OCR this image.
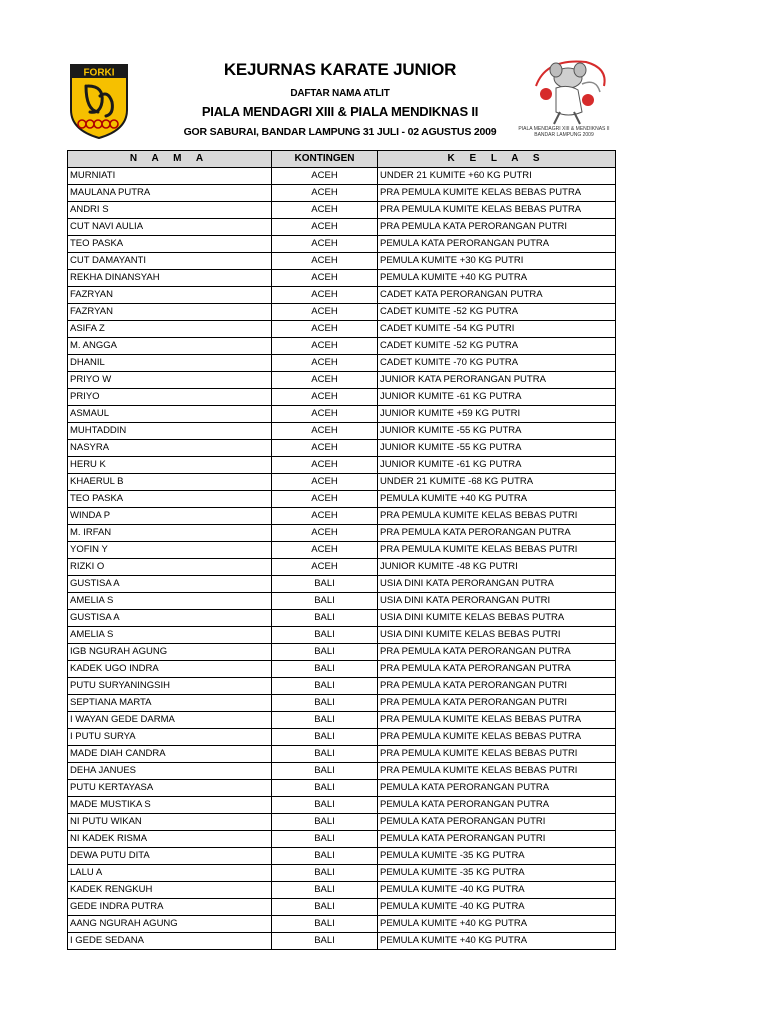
FORKI	KEJURNAS KARATE JUNIOR
DAFTAR NAMA ATLIT
PIALA MENDAGRI XIII & PIALA MENDIKNAS II
GOR SABURAI, BANDAR LAMPUNG 31 JULI - 02 AGUSTUS 2009	PIALA MENDAGRI XIII & MENDIKNAS II BANDAR LAMPUNG 2009
N A M A	KONTINGEN	K E L A S
MURNIATI	ACEH	UNDER 21 KUMITE +60 KG PUTRI
MAULANA PUTRA	ACEH	PRA PEMULA KUMITE KELAS BEBAS PUTRA
ANDRI S	ACEH	PRA PEMULA KUMITE KELAS BEBAS PUTRA
CUT NAVI AULIA	ACEH	PRA PEMULA KATA PERORANGAN PUTRI
TEO PASKA	ACEH	PEMULA KATA PERORANGAN PUTRA
CUT DAMAYANTI	ACEH	PEMULA KUMITE +30 KG PUTRI
REKHA DINANSYAH	ACEH	PEMULA KUMITE +40 KG PUTRA
FAZRYAN	ACEH	CADET KATA PERORANGAN PUTRA
FAZRYAN	ACEH	CADET KUMITE -52 KG PUTRA
ASIFA Z	ACEH	CADET KUMITE -54 KG PUTRI
M. ANGGA	ACEH	CADET KUMITE -52 KG PUTRA
DHANIL	ACEH	CADET KUMITE -70 KG PUTRA
PRIYO W	ACEH	JUNIOR KATA PERORANGAN PUTRA
PRIYO	ACEH	JUNIOR KUMITE -61 KG PUTRA
ASMAUL	ACEH	JUNIOR KUMITE +59 KG PUTRI
MUHTADDIN	ACEH	JUNIOR KUMITE -55 KG PUTRA
NASYRA	ACEH	JUNIOR KUMITE -55 KG PUTRA
HERU K	ACEH	JUNIOR KUMITE -61 KG PUTRA
KHAERUL B	ACEH	UNDER 21 KUMITE -68 KG PUTRA
TEO PASKA	ACEH	PEMULA KUMITE +40 KG PUTRA
WINDA P	ACEH	PRA PEMULA KUMITE KELAS BEBAS PUTRI
M. IRFAN	ACEH	PRA PEMULA KATA PERORANGAN PUTRA
YOFIN Y	ACEH	PRA PEMULA KUMITE KELAS BEBAS PUTRI
RIZKI O	ACEH	JUNIOR KUMITE -48 KG PUTRI
GUSTISA A	BALI	USIA DINI KATA PERORANGAN PUTRA
AMELIA S	BALI	USIA DINI KATA PERORANGAN PUTRI
GUSTISA A	BALI	USIA DINI KUMITE KELAS BEBAS PUTRA
AMELIA S	BALI	USIA DINI KUMITE KELAS BEBAS PUTRI
IGB NGURAH AGUNG	BALI	PRA PEMULA KATA PERORANGAN PUTRA
KADEK UGO INDRA	BALI	PRA PEMULA KATA PERORANGAN PUTRA
PUTU SURYANINGSIH	BALI	PRA PEMULA KATA PERORANGAN PUTRI
SEPTIANA MARTA	BALI	PRA PEMULA KATA PERORANGAN PUTRI
I WAYAN GEDE DARMA	BALI	PRA PEMULA KUMITE KELAS BEBAS PUTRA
I PUTU SURYA	BALI	PRA PEMULA KUMITE KELAS BEBAS PUTRA
MADE DIAH CANDRA	BALI	PRA PEMULA KUMITE KELAS BEBAS PUTRI
DEHA JANUES	BALI	PRA PEMULA KUMITE KELAS BEBAS PUTRI
PUTU KERTAYASA	BALI	PEMULA KATA PERORANGAN PUTRA
MADE MUSTIKA S	BALI	PEMULA KATA PERORANGAN PUTRA
NI PUTU WIKAN	BALI	PEMULA KATA PERORANGAN PUTRI
NI KADEK RISMA	BALI	PEMULA KATA PERORANGAN PUTRI
DEWA PUTU DITA	BALI	PEMULA KUMITE -35 KG PUTRA
LALU A	BALI	PEMULA KUMITE -35 KG PUTRA
KADEK RENGKUH	BALI	PEMULA KUMITE -40 KG PUTRA
GEDE INDRA PUTRA	BALI	PEMULA KUMITE -40 KG PUTRA
AANG NGURAH AGUNG	BALI	PEMULA KUMITE +40 KG PUTRA
I GEDE SEDANA	BALI	PEMULA KUMITE +40 KG PUTRA
